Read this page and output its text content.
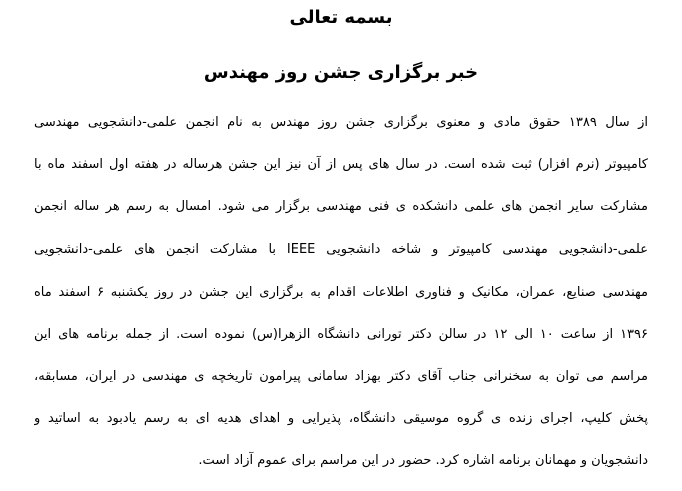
بسمه تعالی
خبر برگزاری جشن روز مهندس
از سال ۱۳۸۹ حقوق مادی و معنوی برگزاری جشن روز مهندس به نام انجمن علمی-دانشجویی مهندسی
کامپیوتر (نرم افزار) ثبت شده است. در سال های پس از آن نیز این جشن هرساله در هفته اول اسفند ماه با
مشارکت سایر انجمن های علمی دانشکده ی فنی مهندسی برگزار می شود. امسال به رسم هر ساله انجمن
علمی-دانشجویی مهندسی کامپیوتر و شاخه دانشجویی IEEE با مشارکت انجمن های علمی-دانشجویی
مهندسی صنایع، عمران، مکانیک و فناوری اطلاعات اقدام به برگزاری این جشن در روز یکشنبه ۶ اسفند ماه
۱۳۹۶ از ساعت ۱۰ الی ۱۲ در سالن دکتر تورانی دانشگاه الزهرا(س) نموده است. از جمله برنامه های این
مراسم می توان به سخنرانی جناب آقای دکتر بهزاد سامانی پیرامون تاریخچه ی مهندسی در ایران، مسابقه،
پخش کلیپ، اجرای زنده ی گروه موسیقی دانشگاه، پذیرایی و اهدای هدیه ای به رسم یادبود به اساتید و
دانشجویان و مهمانان برنامه اشاره کرد. حضور در این مراسم برای عموم آزاد است.
